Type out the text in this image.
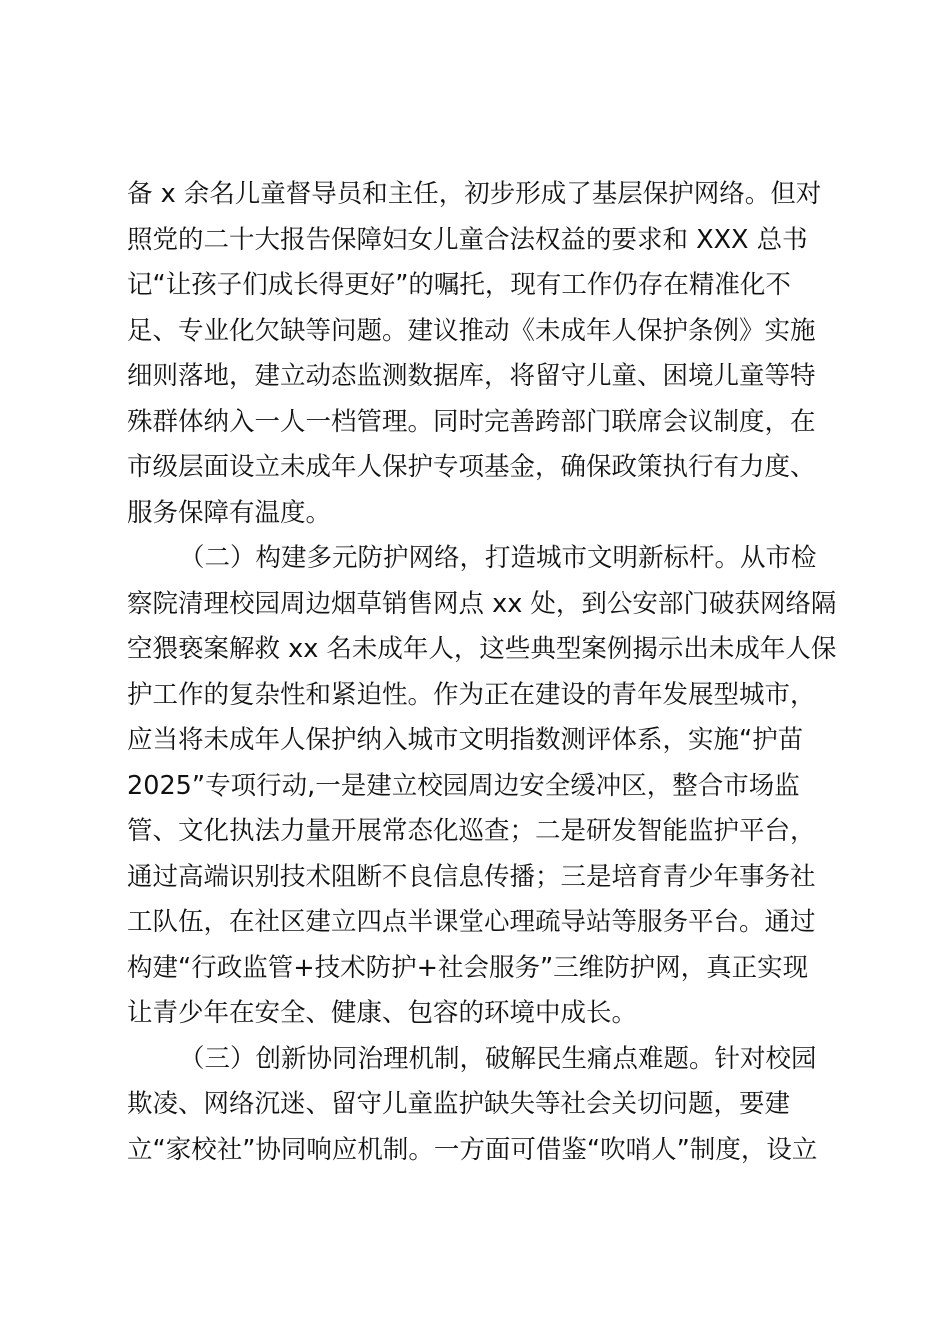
备 x 余名儿童督导员和主任，初步形成了基层保护网络。但对
照党的二十大报告保障妇女儿童合法权益的要求和 XXX 总书
记“让孩子们成长得更好”的嘱托，现有工作仍存在精准化不
足、专业化欠缺等问题。建议推动《未成年人保护条例》实施
细则落地，建立动态监测数据库，将留守儿童、困境儿童等特
殊群体纳入一人一档管理。同时完善跨部门联席会议制度，在
市级层面设立未成年人保护专项基金，确保政策执行有力度、
服务保障有温度。
（二）构建多元防护网络，打造城市文明新标杆。从市检
察院清理校园周边烟草销售网点 xx 处，到公安部门破获网络隔
空猥亵案解救 xx 名未成年人，这些典型案例揭示出未成年人保
护工作的复杂性和紧迫性。作为正在建设的青年发展型城市，
应当将未成年人保护纳入城市文明指数测评体系，实施“护苗
2025”专项行动,一是建立校园周边安全缓冲区，整合市场监
管、文化执法力量开展常态化巡查；二是研发智能监护平台，
通过高端识别技术阻断不良信息传播；三是培育青少年事务社
工队伍，在社区建立四点半课堂心理疏导站等服务平台。通过
构建“行政监管+技术防护+社会服务”三维防护网，真正实现
让青少年在安全、健康、包容的环境中成长。
（三）创新协同治理机制，破解民生痛点难题。针对校园
欺凌、网络沉迷、留守儿童监护缺失等社会关切问题，要建
立“家校社”协同响应机制。一方面可借鉴“吹哨人”制度，设立
